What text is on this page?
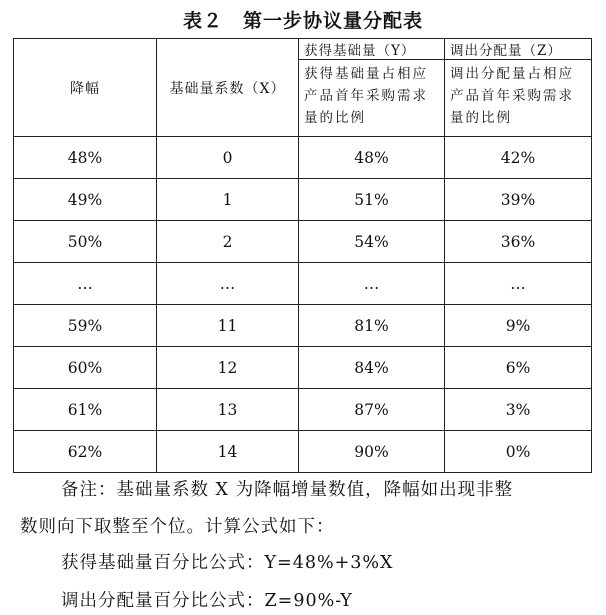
表２　第一步协议量分配表
降幅	基础量系数（X）	获得基础量（Y）	调出分配量（Z）
		获得基础量占相应产品首年采购需求量的比例	调出分配量占相应产品首年采购需求量的比例
48%	0	48%	42%
49%	1	51%	39%
50%	2	54%	36%
…	…	…	…
59%	11	81%	9%
60%	12	84%	6%
61%	13	87%	3%
62%	14	90%	0%
备注：基础量系数 X 为降幅增量数值，降幅如出现非整
数则向下取整至个位。计算公式如下：
获得基础量百分比公式：Y=48%+3%X
调出分配量百分比公式：Z=90%-Y
